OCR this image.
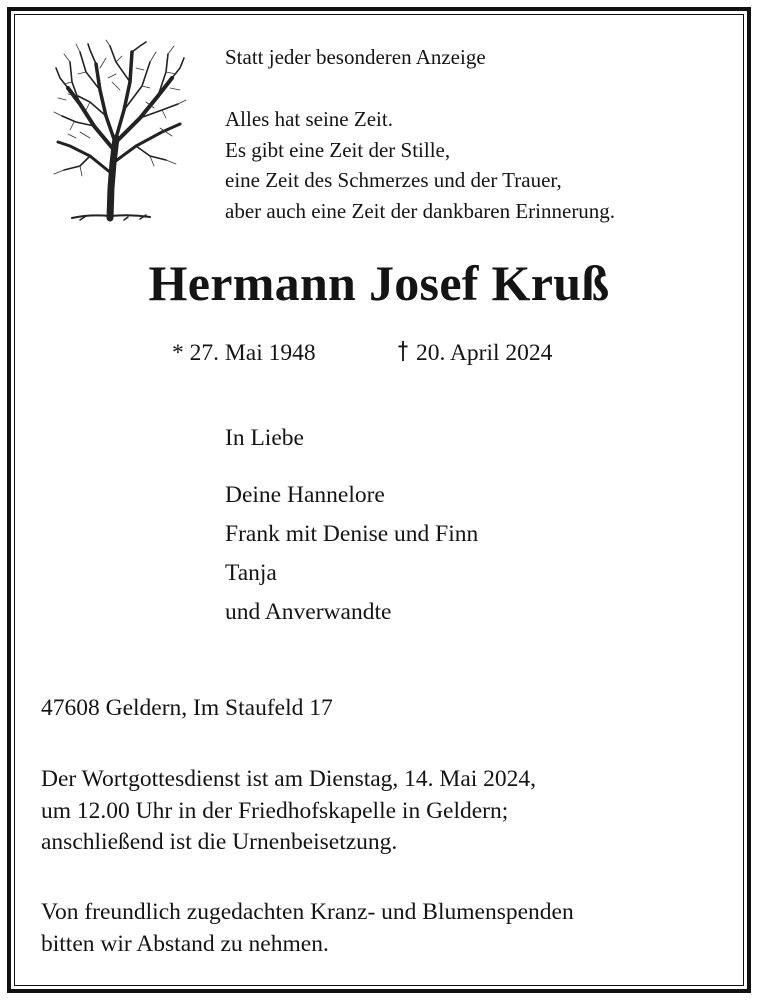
Statt jeder besonderen Anzeige

Alles hat seine Zeit.
Es gibt eine Zeit der Stille,
eine Zeit des Schmerzes und der Trauer,
aber auch eine Zeit der dankbaren Erinnerung.
Hermann Josef Kruß
* 27. Mai 1948	20. April 2024
In Liebe
Deine Hannelore
Frank mit Denise und Finn
Tanja
und Anverwandte
47608 Geldern, Im Staufeld 17
Der Wortgottesdienst ist am Dienstag, 14. Mai 2024,
um 12.00 Uhr in der Friedhofskapelle in Geldern;
anschließend ist die Urnenbeisetzung.
Von freundlich zugedachten Kranz- und Blumenspenden
bitten wir Abstand zu nehmen.
